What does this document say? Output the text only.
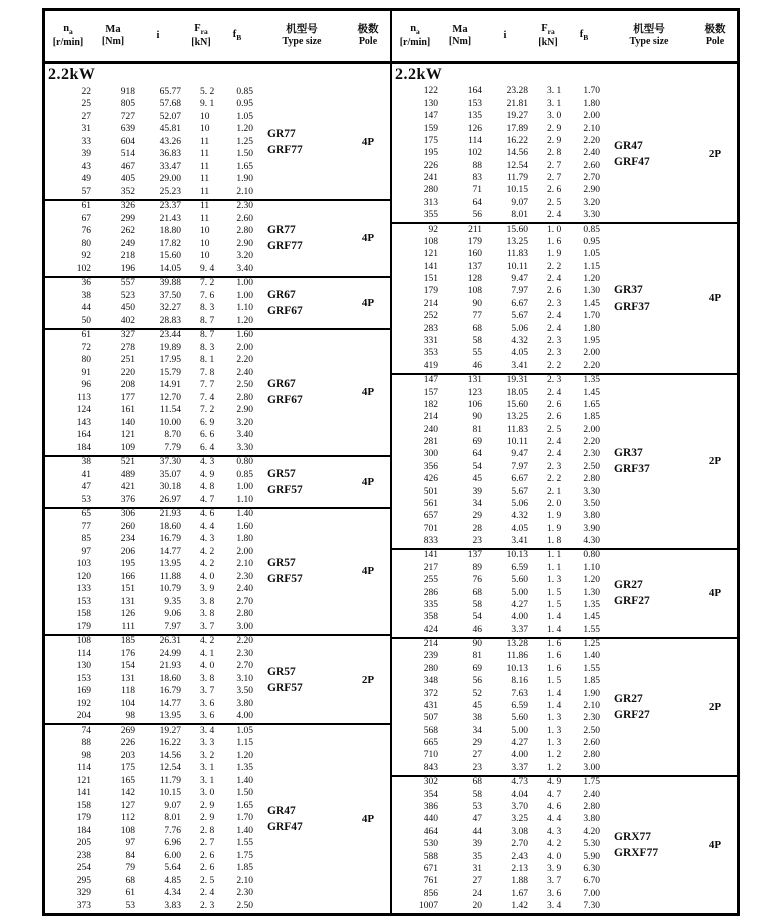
$n_a$
[r/min]
Ma
[Nm]
i
$F_{ra}$
[kN]
$f_B$
机型号
Type size
极数
Pole
2.2kW
22	918	65.77	5. 2	0.85
25	805	57.68	9. 1	0.95
27	727	52.07	10	1.05
31	639	45.81	10	1.20
33	604	43.26	11	1.25
39	514	36.83	11	1.50
43	467	33.47	11	1.65
49	405	29.00	11	1.90
57	352	25.23	11	2.10
GR77
GRF77
4P
61	326	23.37	11	2.30
67	299	21.43	11	2.60
76	262	18.80	10	2.80
80	249	17.82	10	2.90
92	218	15.60	10	3.20
102	196	14.05	9. 4	3.40
GR77
GRF77
4P
36	557	39.88	7. 2	1.00
38	523	37.50	7. 6	1.00
44	450	32.27	8. 3	1.10
50	402	28.83	8. 7	1.20
GR67
GRF67
4P
61	327	23.44	8. 7	1.60
72	278	19.89	8. 3	2.00
80	251	17.95	8. 1	2.20
91	220	15.79	7. 8	2.40
96	208	14.91	7. 7	2.50
113	177	12.70	7. 4	2.80
124	161	11.54	7. 2	2.90
143	140	10.00	6. 9	3.20
164	121	8.70	6. 6	3.40
184	109	7.79	6. 4	3.30
GR67
GRF67
4P
38	521	37.30	4. 3	0.80
41	489	35.07	4. 9	0.85
47	421	30.18	4. 8	1.00
53	376	26.97	4. 7	1.10
GR57
GRF57
4P
65	306	21.93	4. 6	1.40
77	260	18.60	4. 4	1.60
85	234	16.79	4. 3	1.80
97	206	14.77	4. 2	2.00
103	195	13.95	4. 2	2.10
120	166	11.88	4. 0	2.30
133	151	10.79	3. 9	2.40
153	131	9.35	3. 8	2.70
158	126	9.06	3. 8	2.80
179	111	7.97	3. 7	3.00
GR57
GRF57
4P
108	185	26.31	4. 2	2.20
114	176	24.99	4. 1	2.30
130	154	21.93	4. 0	2.70
153	131	18.60	3. 8	3.10
169	118	16.79	3. 7	3.50
192	104	14.77	3. 6	3.80
204	98	13.95	3. 6	4.00
GR57
GRF57
2P
74	269	19.27	3. 4	1.05
88	226	16.22	3. 3	1.15
98	203	14.56	3. 2	1.20
114	175	12.54	3. 1	1.35
121	165	11.79	3. 1	1.40
141	142	10.15	3. 0	1.50
158	127	9.07	2. 9	1.65
179	112	8.01	2. 9	1.70
184	108	7.76	2. 8	1.40
205	97	6.96	2. 7	1.55
238	84	6.00	2. 6	1.75
254	79	5.64	2. 6	1.85
295	68	4.85	2. 5	2.10
329	61	4.34	2. 4	2.30
373	53	3.83	2. 3	2.50
GR47
GRF47
4P
$n_a$
[r/min]
Ma
[Nm]
i
$F_{ra}$
[kN]
$f_B$
机型号
Type size
极数
Pole
2.2kW
122	164	23.28	3. 1	1.70
130	153	21.81	3. 1	1.80
147	135	19.27	3. 0	2.00
159	126	17.89	2. 9	2.10
175	114	16.22	2. 9	2.20
195	102	14.56	2. 8	2.40
226	88	12.54	2. 7	2.60
241	83	11.79	2. 7	2.70
280	71	10.15	2. 6	2.90
313	64	9.07	2. 5	3.20
355	56	8.01	2. 4	3.30
GR47
GRF47
2P
92	211	15.60	1. 0	0.85
108	179	13.25	1. 6	0.95
121	160	11.83	1. 9	1.05
141	137	10.11	2. 2	1.15
151	128	9.47	2. 4	1.20
179	108	7.97	2. 6	1.30
214	90	6.67	2. 3	1.45
252	77	5.67	2. 4	1.70
283	68	5.06	2. 4	1.80
331	58	4.32	2. 3	1.95
353	55	4.05	2. 3	2.00
419	46	3.41	2. 2	2.20
GR37
GRF37
4P
147	131	19.31	2. 3	1.35
157	123	18.05	2. 4	1.45
182	106	15.60	2. 6	1.65
214	90	13.25	2. 6	1.85
240	81	11.83	2. 5	2.00
281	69	10.11	2. 4	2.20
300	64	9.47	2. 4	2.30
356	54	7.97	2. 3	2.50
426	45	6.67	2. 2	2.80
501	39	5.67	2. 1	3.30
561	34	5.06	2. 0	3.50
657	29	4.32	1. 9	3.80
701	28	4.05	1. 9	3.90
833	23	3.41	1. 8	4.30
GR37
GRF37
2P
141	137	10.13	1. 1	0.80
217	89	6.59	1. 1	1.10
255	76	5.60	1. 3	1.20
286	68	5.00	1. 5	1.30
335	58	4.27	1. 5	1.35
358	54	4.00	1. 4	1.45
424	46	3.37	1. 4	1.55
GR27
GRF27
4P
214	90	13.28	1. 6	1.25
239	81	11.86	1. 6	1.40
280	69	10.13	1. 6	1.55
348	56	8.16	1. 5	1.85
372	52	7.63	1. 4	1.90
431	45	6.59	1. 4	2.10
507	38	5.60	1. 3	2.30
568	34	5.00	1. 3	2.50
665	29	4.27	1. 3	2.60
710	27	4.00	1. 2	2.80
843	23	3.37	1. 2	3.00
GR27
GRF27
2P
302	68	4.73	4. 9	1.75
354	58	4.04	4. 7	2.40
386	53	3.70	4. 6	2.80
440	47	3.25	4. 4	3.80
464	44	3.08	4. 3	4.20
530	39	2.70	4. 2	5.30
588	35	2.43	4. 0	5.90
671	31	2.13	3. 9	6.30
761	27	1.88	3. 7	6.70
856	24	1.67	3. 6	7.00
1007	20	1.42	3. 4	7.30
GRX77
GRXF77
4P
